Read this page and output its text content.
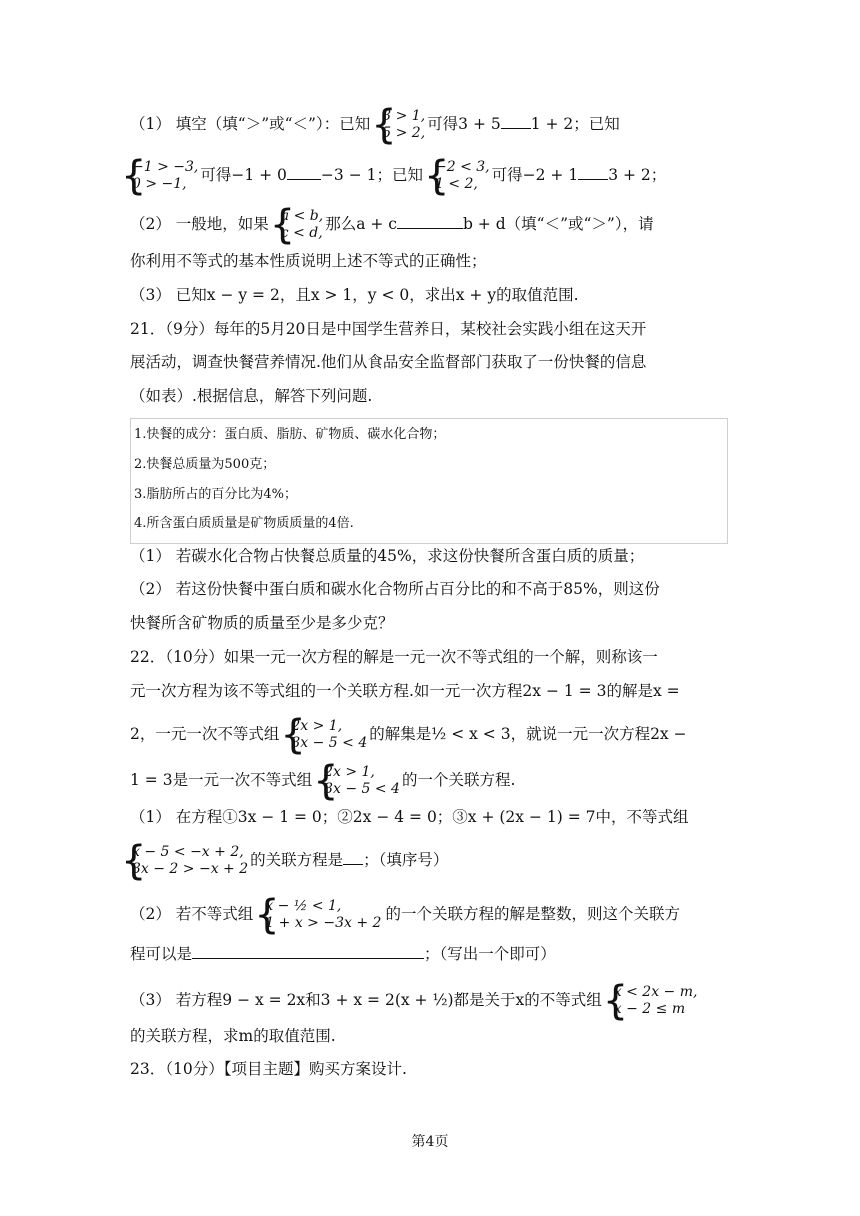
（1） 填空（填“＞”或“＜”）：已知 { 3 > 1,
5 > 2, 可得3 + 5 1 + 2；已知
{ −1 > −3,
0 > −1, 可得−1 + 0 −3 − 1；已知 { −2 < 3,
1 < 2, 可得−2 + 1 3 + 2；
（2） 一般地，如果 { a < b,
c < d, 那么a + c	b + d（填“＜”或“＞”），请
你利用不等式的基本性质说明上述不等式的正确性；
（3） 已知x − y = 2，且x > 1，y < 0，求出x + y的取值范围.
21．（9分）每年的5月20日是中国学生营养日，某校社会实践小组在这天开
展活动，调查快餐营养情况.他们从食品安全监督部门获取了一份快餐的信息
（如表）.根据信息，解答下列问题.
1.快餐的成分：蛋白质、脂肪、矿物质、碳水化合物；
2.快餐总质量为500克；
3.脂肪所占的百分比为4%；
4.所含蛋白质质量是矿物质质量的4倍.
（1） 若碳水化合物占快餐总质量的45%，求这份快餐所含蛋白质的质量；
（2） 若这份快餐中蛋白质和碳水化合物所占百分比的和不高于85%，则这份
快餐所含矿物质的质量至少是多少克？
22．（10分）如果一元一次方程的解是一元一次不等式组的一个解，则称该一
元一次方程为该不等式组的一个关联方程.如一元一次方程2x − 1 = 3的解是x =
2，一元一次不等式组 { 2x > 1,
3x − 5 < 4 的解集是½ < x < 3，就说一元一次方程2x −
1 = 3是一元一次不等式组 { 2x > 1,
3x − 5 < 4 的一个关联方程.
（1） 在方程①3x − 1 = 0；②2x − 4 = 0；③x + (2x − 1) = 7中，不等式组
{ x − 5 < −x + 2,
3x − 2 > −x + 2 的关联方程是 ；（填序号）
（2） 若不等式组 { x − ½ < 1,
1 + x > −3x + 2 的一个关联方程的解是整数，则这个关联方
程可以是	；（写出一个即可）
（3） 若方程9 − x = 2x和3 + x = 2(x + ½)都是关于x的不等式组 { x < 2x − m,
x − 2 ≤ m
的关联方程，求m的取值范围.
23．（10分）【项目主题】购买方案设计.
第4页
